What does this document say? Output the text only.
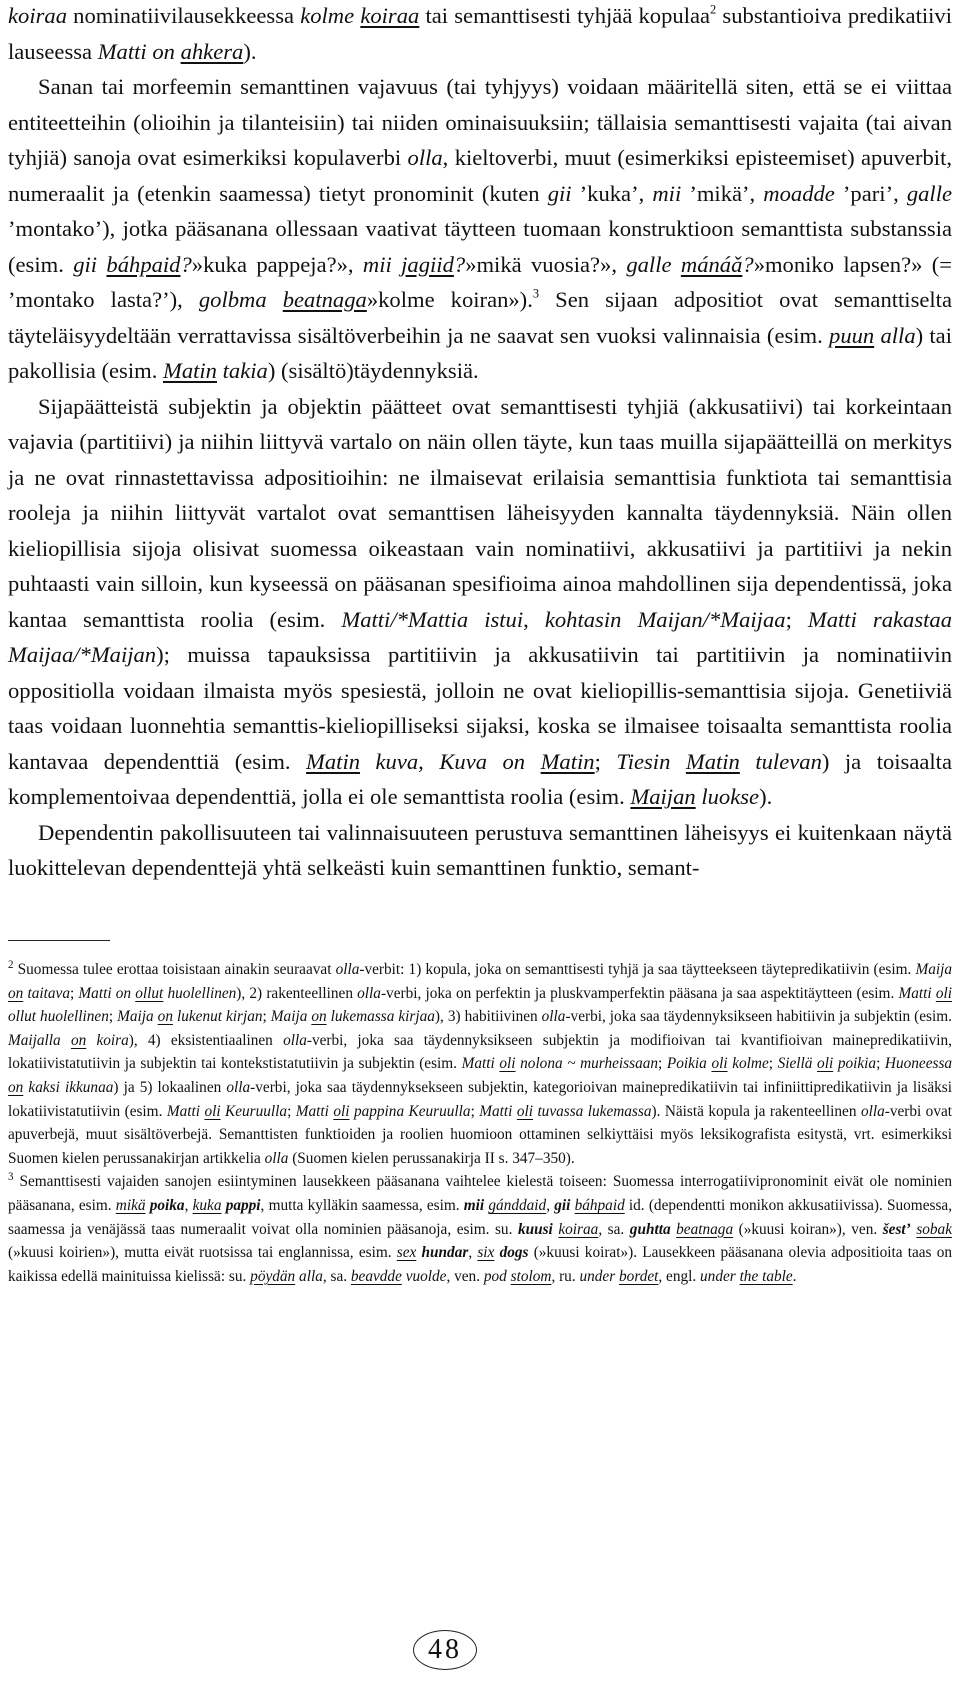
koiraa nominatiivilausekkeessa kolme koiraa tai semanttisesti tyhjää kopulaa$^2$ substantioiva predikatiivi lauseessa Matti on ahkera).

Sanan tai morfeemin semanttinen vajavuus (tai tyhjyys) voidaan määritellä siten, että se ei viittaa entiteetteihin (olioihin ja tilanteisiin) tai niiden ominaisuuksiin; tällaisia semanttisesti vajaita (tai aivan tyhjiä) sanoja ovat esimerkiksi kopulaverbi olla, kieltoverbi, muut (esimerkiksi episteemiset) apuverbit, numeraalit ja (etenkin saamessa) tietyt pronominit (kuten gii ’kuka’, mii ’mikä’, moadde ’pari’, galle ’montako’), jotka pääsanana ollessaan vaativat täytteen tuomaan konstruktioon semanttista substanssia (esim. gii báhpaid?»kuka pappeja?», mii jagiid?»mikä vuosia?», galle mánáǎ?»moniko lapsen?» (= ’montako lasta?’), golbma beatnaga»kolme koiran»).$^3$ Sen sijaan adpositiot ovat semanttiselta täyteläisyydeltään verrattavissa sisältöverbeihin ja ne saavat sen vuoksi valinnaisia (esim. puun alla) tai pakollisia (esim. Matin takia) (sisältö)täydennyksiä.

Sijapäätteistä subjektin ja objektin päätteet ovat semanttisesti tyhjiä (akkusatiivi) tai korkeintaan vajavia (partitiivi) ja niihin liittyvä vartalo on näin ollen täyte, kun taas muilla sijapäätteillä on merkitys ja ne ovat rinnastettavissa adpositioihin: ne ilmaisevat erilaisia semanttisia funktiota tai semanttisia rooleja ja niihin liittyvät vartalot ovat semanttisen läheisyyden kannalta täydennyksiä. Näin ollen kieliopillisia sijoja olisivat suomessa oikeastaan vain nominatiivi, akkusatiivi ja partitiivi ja nekin puhtaasti vain silloin, kun kyseessä on pääsanan spesifioima ainoa mahdollinen sija dependentissä, joka kantaa semanttista roolia (esim. Matti/*Mattia istui, kohtasin Maijan/*Maijaa; Matti rakastaa Maijaa/*Maijan); muissa tapauksissa partitiivin ja akkusatiivin tai partitiivin ja nominatiivin oppositiolla voidaan ilmaista myös spesiestä, jolloin ne ovat kieliopillis-semanttisia sijoja. Genetiiviä taas voidaan luonnehtia semanttis-kieliopilliseksi sijaksi, koska se ilmaisee toisaalta semanttista roolia kantavaa dependenttiä (esim. Matin kuva, Kuva on Matin; Tiesin Matin tulevan) ja toisaalta komplementoivaa dependenttiä, jolla ei ole semanttista roolia (esim. Maijan luokse).

Dependentin pakollisuuteen tai valinnaisuuteen perustuva semanttinen läheisyys ei kuitenkaan näytä luokittelevan dependenttejä yhtä selkeästi kuin semanttinen funktio, semant-

$^2$ Suomessa tulee erottaa toisistaan ainakin seuraavat olla-verbit: 1) kopula, joka on semanttisesti tyhjä ja saa täytteekseen täytepredikatiivin (esim. Maija on taitava; Matti on ollut huolellinen), 2) rakenteellinen olla-verbi, joka on perfektin ja pluskvamperfektin pääsana ja saa aspektitäytteen (esim. Matti oli ollut huolellinen; Maija on lukenut kirjan; Maija on lukemassa kirjaa), 3) habitiivinen olla-verbi, joka saa täydennyksikseen habitiivin ja subjektin (esim. Maijalla on koira), 4) eksistentiaalinen olla-verbi, joka saa täydennyksikseen subjektin ja modifioivan tai kvantifioivan mainepredikatiivin, lokatiivistatutiivin ja subjektin tai kontekstistatutiivin ja subjektin (esim. Matti oli nolona ~ murheissaan; Poikia oli kolme; Siellä oli poikia; Huoneessa on kaksi ikkunaa) ja 5) lokaalinen olla-verbi, joka saa täydennyksekseen subjektin, kategorioivan mainepredikatiivin tai infiniittipredikatiivin ja lisäksi lokatiivistatutiivin (esim. Matti oli Keuruulla; Matti oli pappina Keuruulla; Matti oli tuvassa lukemassa). Näistä kopula ja rakenteellinen olla-verbi ovat apuverbejä, muut sisältöverbejä. Semanttisten funktioiden ja roolien huomioon ottaminen selkiyttäisi myös leksikografista esitystä, vrt. esimerkiksi Suomen kielen perussanakirjan artikkelia olla (Suomen kielen perussanakirja II s. 347–350).

$^3$ Semanttisesti vajaiden sanojen esiintyminen lausekkeen pääsanana vaihtelee kielestä toiseen: Suomessa interrogatiivipronominit eivät ole nominien pääsanana, esim. mikä poika, kuka pappi, mutta kylläkin saamessa, esim. mii gánddaid, gii báhpaid id. (dependentti monikon akkusatiivissa). Suomessa, saamessa ja venäjässä taas numeraalit voivat olla nominien pääsanoja, esim. su. kuusi koiraa, sa. guhtta beatnaga (»kuusi koiran»), ven. šest’ sobak (»kuusi koirien»), mutta eivät ruotsissa tai englannissa, esim. sex hundar, six dogs (»kuusi koirat»). Lausekkeen pääsanana olevia adpositioita taas on kaikissa edellä mainituissa kielissä: su. pöydän alla, sa. beavdde vuolde, ven. pod stolom, ru. under bordet, engl. under the table.

48
